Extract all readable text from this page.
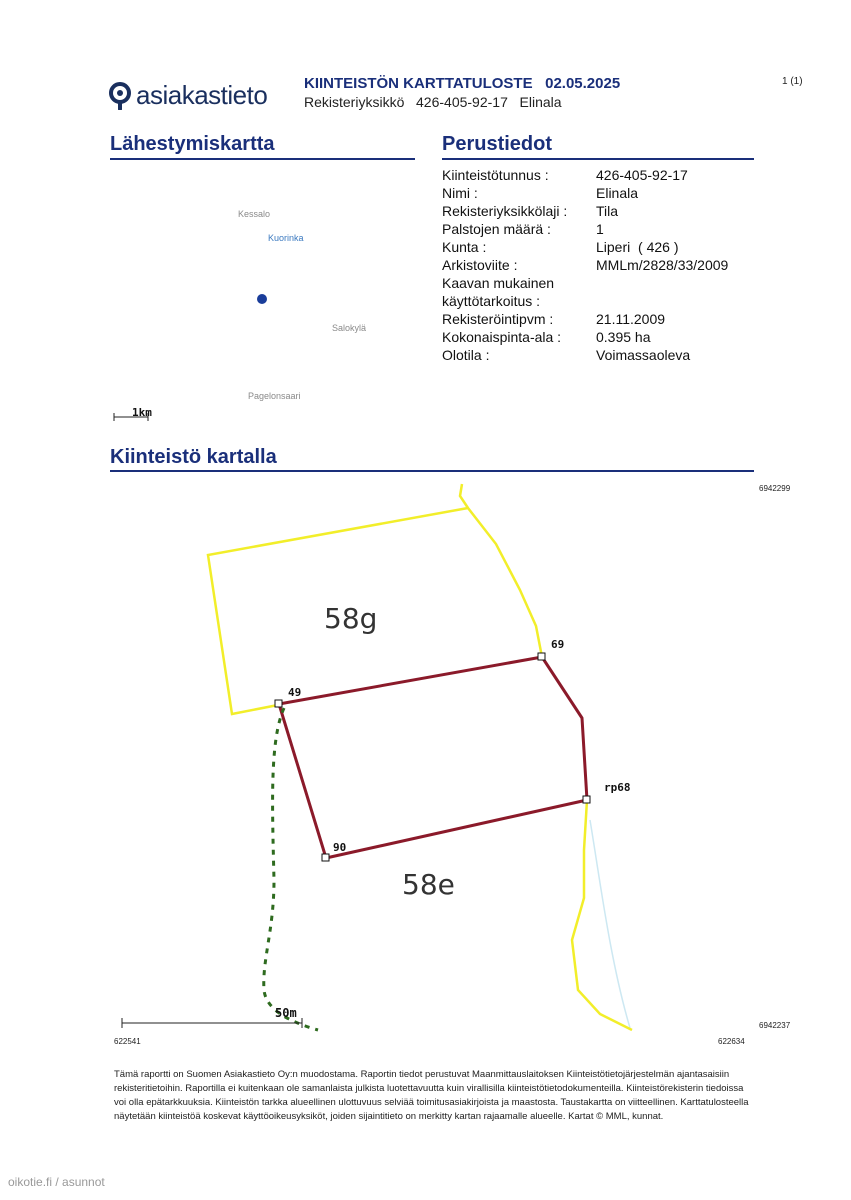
asiakastieto KIINTEISTÖN KARTTATULOSTE   02.05.2025
Rekisteriyksikkö   426-405-92-17   Elinala
1 (1)
Lähestymiskartta
Kessalo
Kuorinka
Salokylä
Pagelonsaari
1km
Perustiedot
Kiinteistötunnus :	426-405-92-17
Nimi :	Elinala
Rekisteriyksikkölaji :	Tila
Palstojen määrä :	1
Kunta :	Liperi  ( 426 )
Arkistoviite :	MMLm/2828/33/2009
Kaavan mukainen
käyttötarkoitus :
Rekisteröintipvm :	21.11.2009
Kokonaispinta-ala :	0.395 ha
Olotila :	Voimassaoleva
Kiinteistö kartalla
58g
58e
69
49
rp68
90
50m
6942299
6942237
622541	622634
Tämä raportti on Suomen Asiakastieto Oy:n muodostama. Raportin tiedot perustuvat Maanmittauslaitoksen Kiinteistötietojärjestelmän ajantasaisiin rekisteritietoihin. Raportilla ei kuitenkaan ole samanlaista julkista luotettavuutta kuin virallisilla kiinteistötietodokumenteilla. Kiinteistörekisterin tiedoissa voi olla epätarkkuuksia. Kiinteistön tarkka alueellinen ulottuvuus selviää toimitusasiakirjoista ja maastosta. Taustakartta on viitteellinen. Karttatulosteella näytetään kiinteistöä koskevat käyttöoikeusyksiköt, joiden sijaintitieto on merkitty kartan rajaamalle alueelle. Kartat © MML, kunnat.
oikotie.fi / asunnot
